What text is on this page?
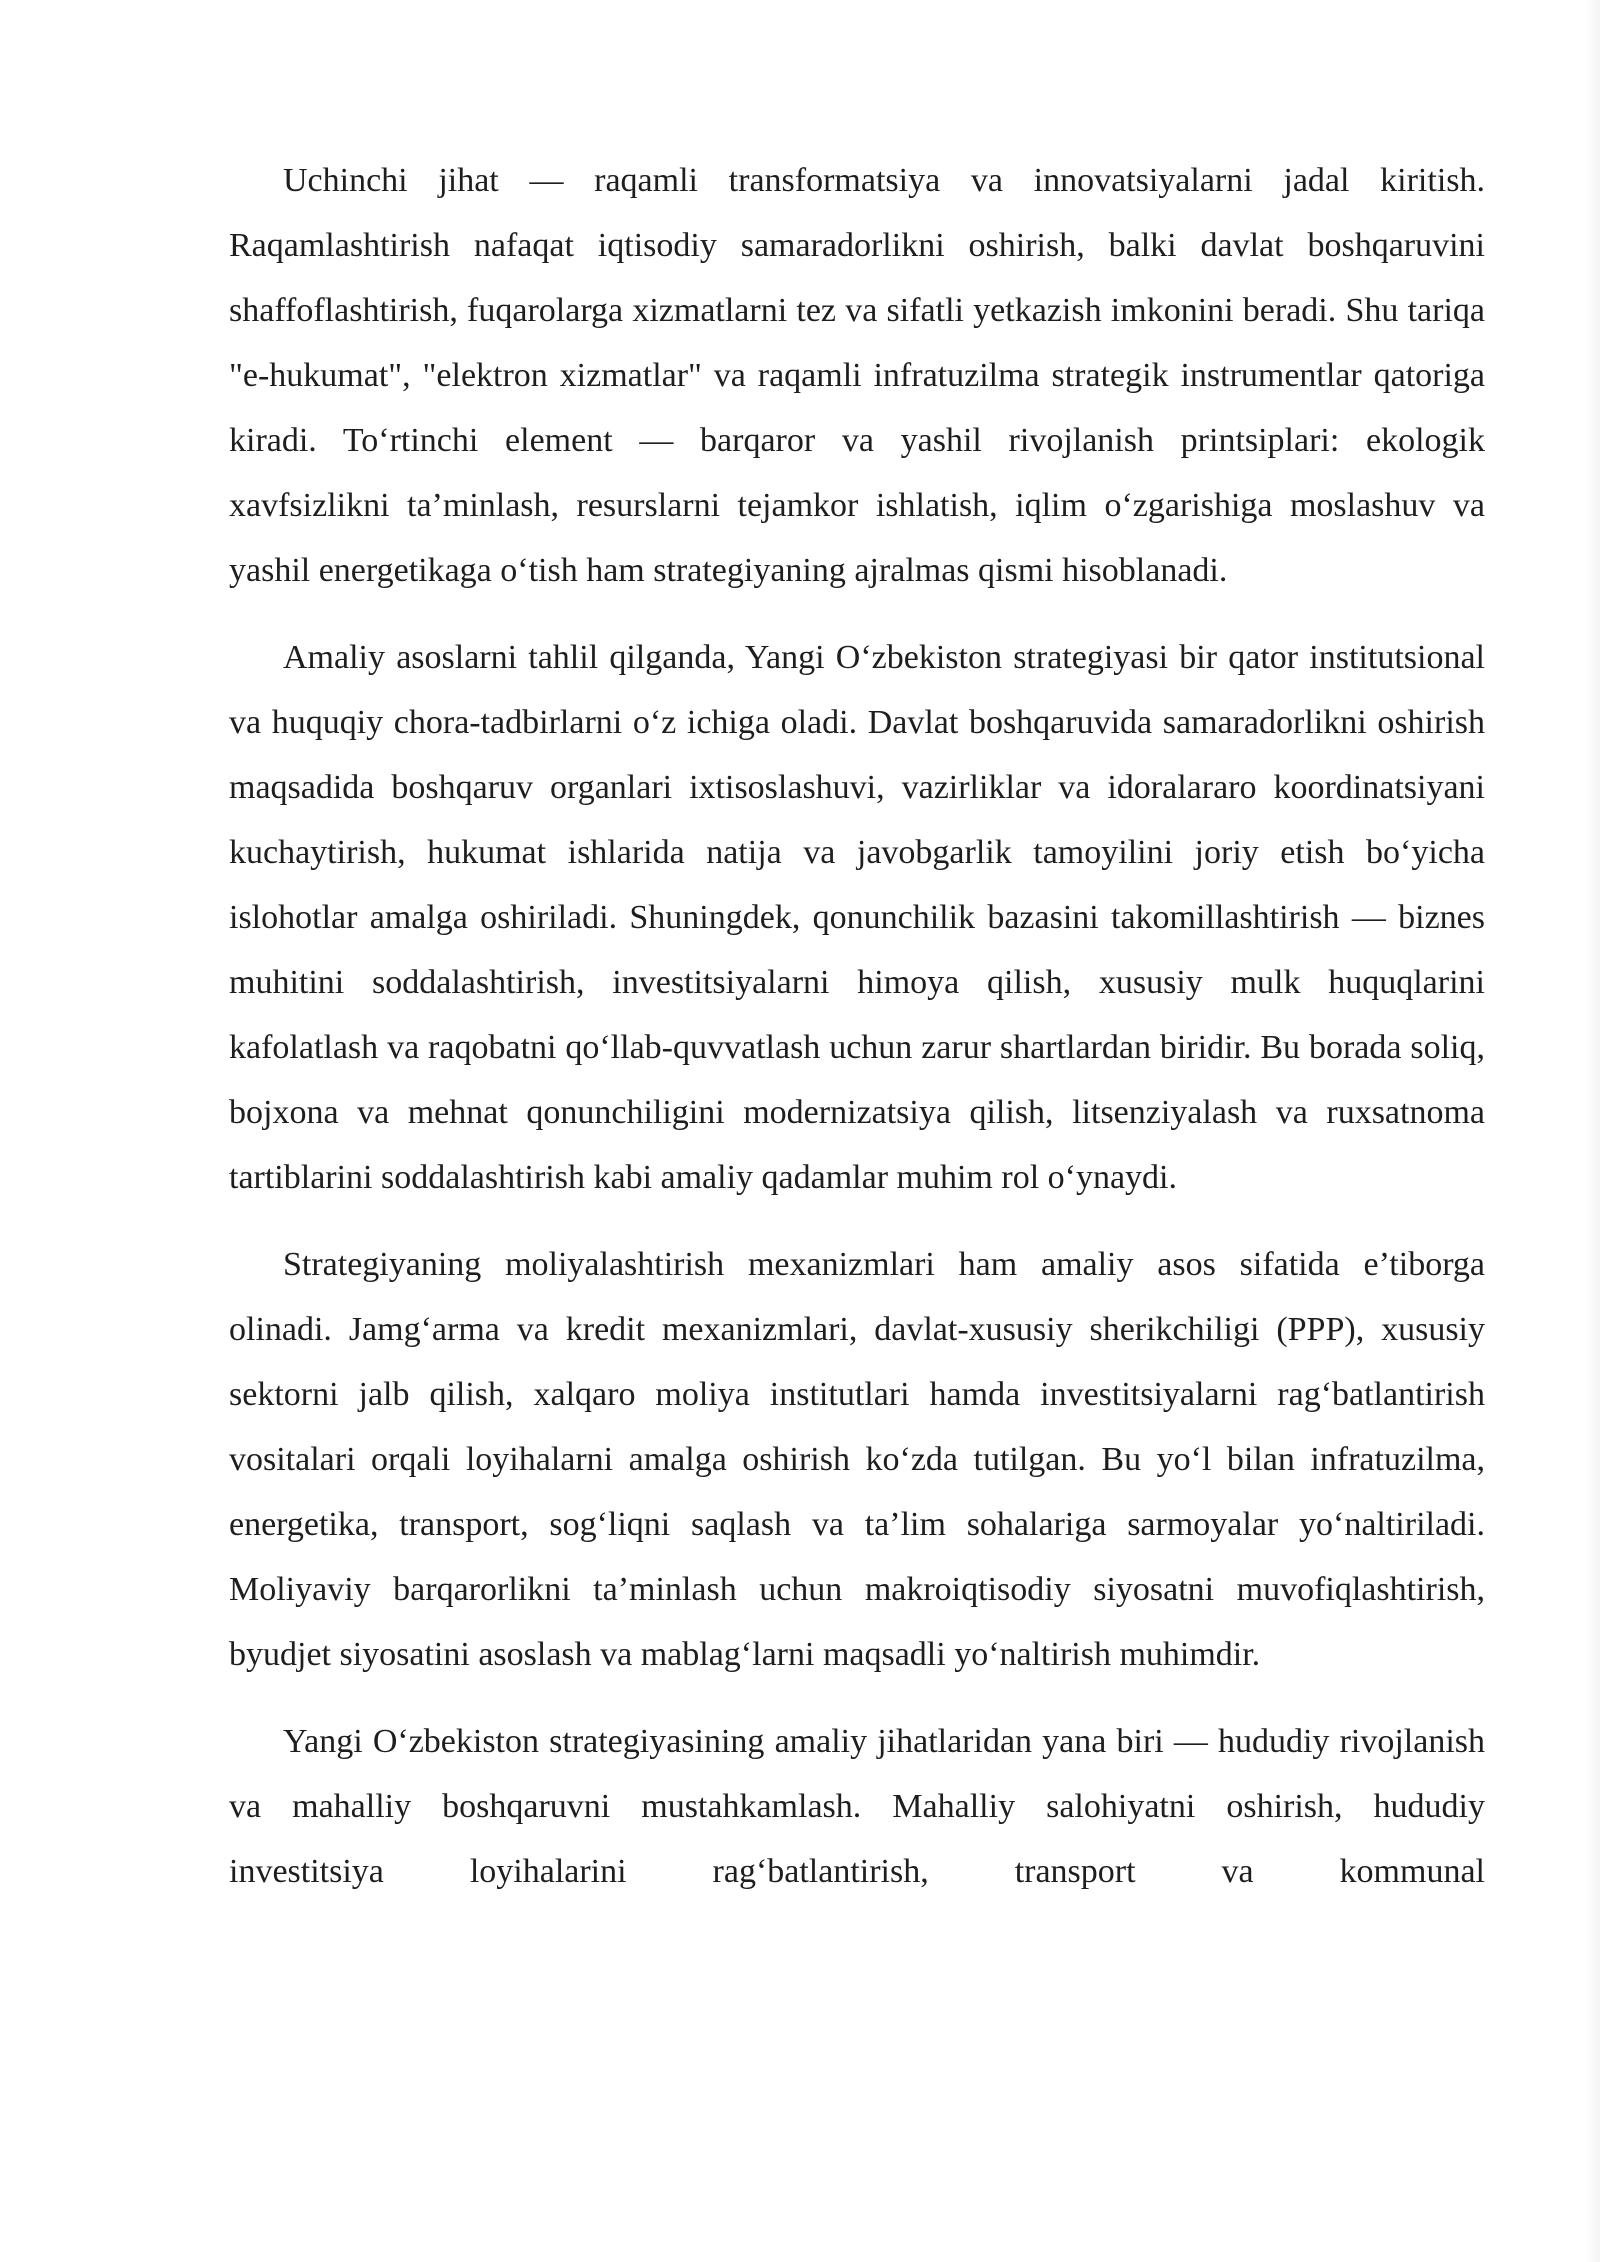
Uchinchi jihat — raqamli transformatsiya va innovatsiyalarni jadal kiritish. Raqamlashtirish nafaqat iqtisodiy samaradorlikni oshirish, balki davlat boshqaruvini shaffoflashtirish, fuqarolarga xizmatlarni tez va sifatli yetkazish imkonini beradi. Shu tariqa "e-hukumat", "elektron xizmatlar" va raqamli infratuzilma strategik instrumentlar qatoriga kiradi. To‘rtinchi element — barqaror va yashil rivojlanish printsiplari: ekologik xavfsizlikni ta’minlash, resurslarni tejamkor ishlatish, iqlim o‘zgarishiga moslashuv va yashil energetikaga o‘tish ham strategiyaning ajralmas qismi hisoblanadi.

Amaliy asoslarni tahlil qilganda, Yangi O‘zbekiston strategiyasi bir qator institutsional va huquqiy chora-tadbirlarni o‘z ichiga oladi. Davlat boshqaruvida samaradorlikni oshirish maqsadida boshqaruv organlari ixtisoslashuvi, vazirliklar va idoralararo koordinatsiyani kuchaytirish, hukumat ishlarida natija va javobgarlik tamoyilini joriy etish bo‘yicha islohotlar amalga oshiriladi. Shuningdek, qonunchilik bazasini takomillashtirish — biznes muhitini soddalashtirish, investitsiyalarni himoya qilish, xususiy mulk huquqlarini kafolatlash va raqobatni qo‘llab-quvvatlash uchun zarur shartlardan biridir. Bu borada soliq, bojxona va mehnat qonunchiligini modernizatsiya qilish, litsenziyalash va ruxsatnoma tartiblarini soddalashtirish kabi amaliy qadamlar muhim rol o‘ynaydi.

Strategiyaning moliyalashtirish mexanizmlari ham amaliy asos sifatida e’tiborga olinadi. Jamg‘arma va kredit mexanizmlari, davlat-xususiy sherikchiligi (PPP), xususiy sektorni jalb qilish, xalqaro moliya institutlari hamda investitsiyalarni rag‘batlantirish vositalari orqali loyihalarni amalga oshirish ko‘zda tutilgan. Bu yo‘l bilan infratuzilma, energetika, transport, sog‘liqni saqlash va ta’lim sohalariga sarmoyalar yo‘naltiriladi. Moliyaviy barqarorlikni ta’minlash uchun makroiqtisodiy siyosatni muvofiqlashtirish, byudjet siyosatini asoslash va mablag‘larni maqsadli yo‘naltirish muhimdir.

Yangi O‘zbekiston strategiyasining amaliy jihatlaridan yana biri — hududiy rivojlanish va mahalliy boshqaruvni mustahkamlash. Mahalliy salohiyatni oshirish, hududiy investitsiya loyihalarini rag‘batlantirish, transport va kommunal
